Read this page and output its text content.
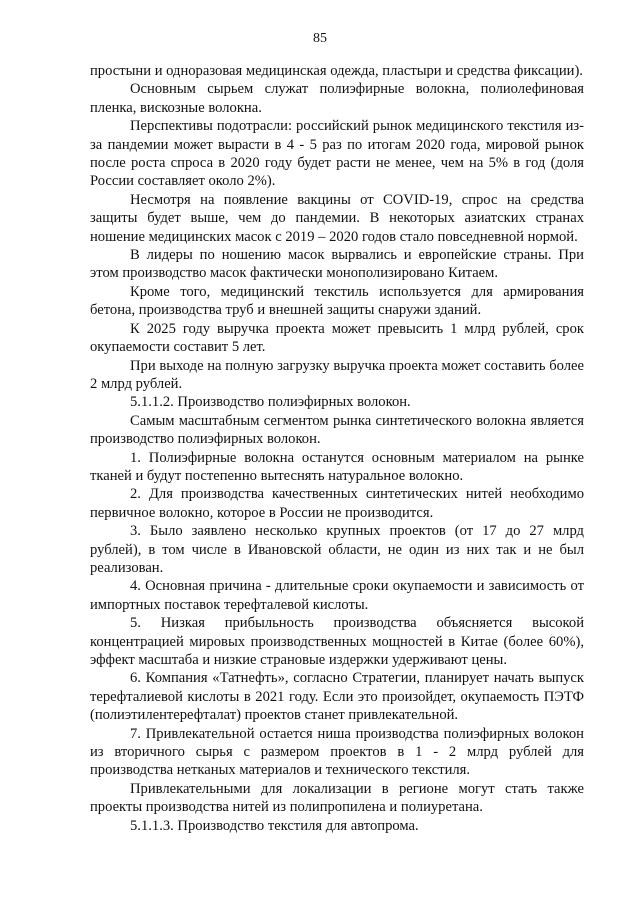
85

простыни и одноразовая медицинская одежда, пластыри и средства фиксации).

Основным сырьем служат полиэфирные волокна, полиолефиновая пленка, вискозные волокна.

Перспективы подотрасли: российский рынок медицинского текстиля из-за пандемии может вырасти в 4 - 5 раз по итогам 2020 года, мировой рынок после роста спроса в 2020 году будет расти не менее, чем на 5% в год (доля России составляет около 2%).

Несмотря на появление вакцины от COVID-19, спрос на средства защиты будет выше, чем до пандемии. В некоторых азиатских странах ношение медицинских масок с 2019 – 2020 годов стало повседневной нормой.

В лидеры по ношению масок вырвались и европейские страны. При этом производство масок фактически монополизировано Китаем.

Кроме того, медицинский текстиль используется для армирования бетона, производства труб и внешней защиты снаружи зданий.

К 2025 году выручка проекта может превысить 1 млрд рублей, срок окупаемости составит 5 лет.

При выходе на полную загрузку выручка проекта может составить более 2 млрд рублей.

5.1.1.2. Производство полиэфирных волокон.

Самым масштабным сегментом рынка синтетического волокна является производство полиэфирных волокон.

1. Полиэфирные волокна останутся основным материалом на рынке тканей и будут постепенно вытеснять натуральное волокно.

2. Для производства качественных синтетических нитей необходимо первичное волокно, которое в России не производится.

3. Было заявлено несколько крупных проектов (от 17 до 27 млрд рублей), в том числе в Ивановской области, не один из них так и не был реализован.

4. Основная причина - длительные сроки окупаемости и зависимость от импортных поставок терефталевой кислоты.

5. Низкая прибыльность производства объясняется высокой концентрацией мировых производственных мощностей в Китае (более 60%), эффект масштаба и низкие страновые издержки удерживают цены.

6. Компания «Татнефть», согласно Стратегии, планирует начать выпуск терефталиевой кислоты в 2021 году. Если это произойдет, окупаемость ПЭТФ (полиэтилентерефталат) проектов станет привлекательной.

7. Привлекательной остается ниша производства полиэфирных волокон из вторичного сырья с размером проектов в 1 - 2 млрд рублей для производства нетканых материалов и технического текстиля.

Привлекательными для локализации в регионе могут стать также проекты производства нитей из полипропилена и полиуретана.

5.1.1.3. Производство текстиля для автопрома.
